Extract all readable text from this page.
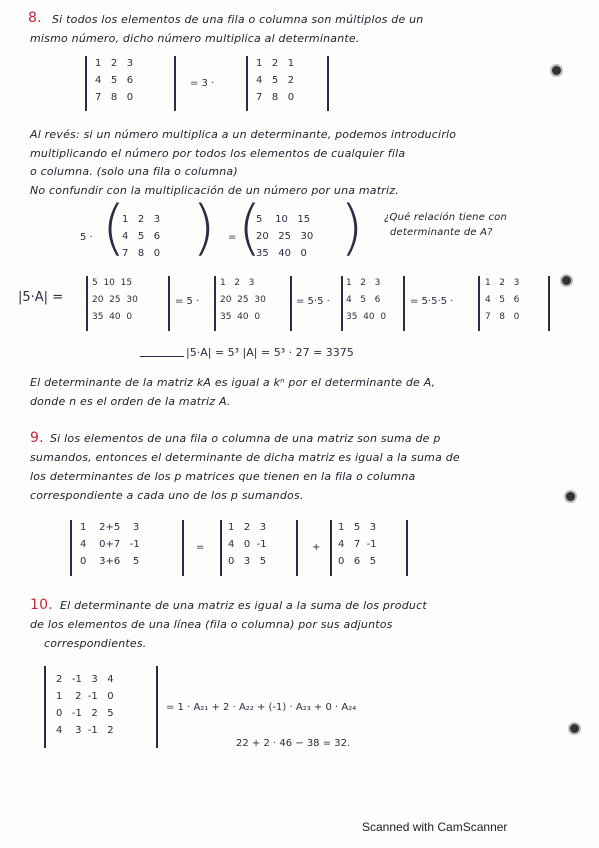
8. Si todos los elementos de una fila o columna son múltiplos de un
mismo número, dicho número multiplica al determinante.
1   2   3
4   5   6
7   8   0
= 3 ·
1   2   1
4   5   2
7   8   0
Al revés: si un número multiplica a un determinante, podemos introducirlo
multiplicando el número por todos los elementos de cualquier fila
o columna. (solo una fila o columna)
No confundir con la multiplicación de un número por una matriz.
5 · (
1   2   3
4   5   6
7   8   0 ) = (
5    10   15
20   25   30
35   40   0 ) ¿Qué relación tiene con
determinante de A?
|5·A| =
5  10  15
20  25  30
35  40  0
= 5 ·
1   2   3
20  25  30
35  40  0
= 5·5 ·
1   2   3
4   5   6
35  40  0
= 5·5·5 ·
1   2   3
4   5   6
7   8   0
|5·A| = 5³ |A| = 5³ · 27 = 3375
El determinante de la matriz kA es igual a kⁿ por el determinante de A,
donde n es el orden de la matriz A.
9. Si los elementos de una fila o columna de una matriz son suma de p
sumandos, entonces el determinante de dicha matriz es igual a la suma de
los determinantes de los p matrices que tienen en la fila o columna
correspondiente a cada uno de los p sumandos.
1    2+5    3
4    0+7   -1
0    3+6    5
=
1   2   3
4   0  -1
0   3   5
+
1   5   3
4   7  -1
0   6   5
10. El determinante de una matriz es igual a la suma de los product
de los elementos de una línea (fila o columna) por sus adjuntos
correspondientes.
2   -1   3   4
1    2  -1   0
0   -1   2   5
4    3  -1   2
= 1 · A₂₁ + 2 · A₂₂ + (-1) · A₂₃ + 0 · A₂₄
22 + 2 · 46 − 38 = 32.
Scanned with CamScanner
